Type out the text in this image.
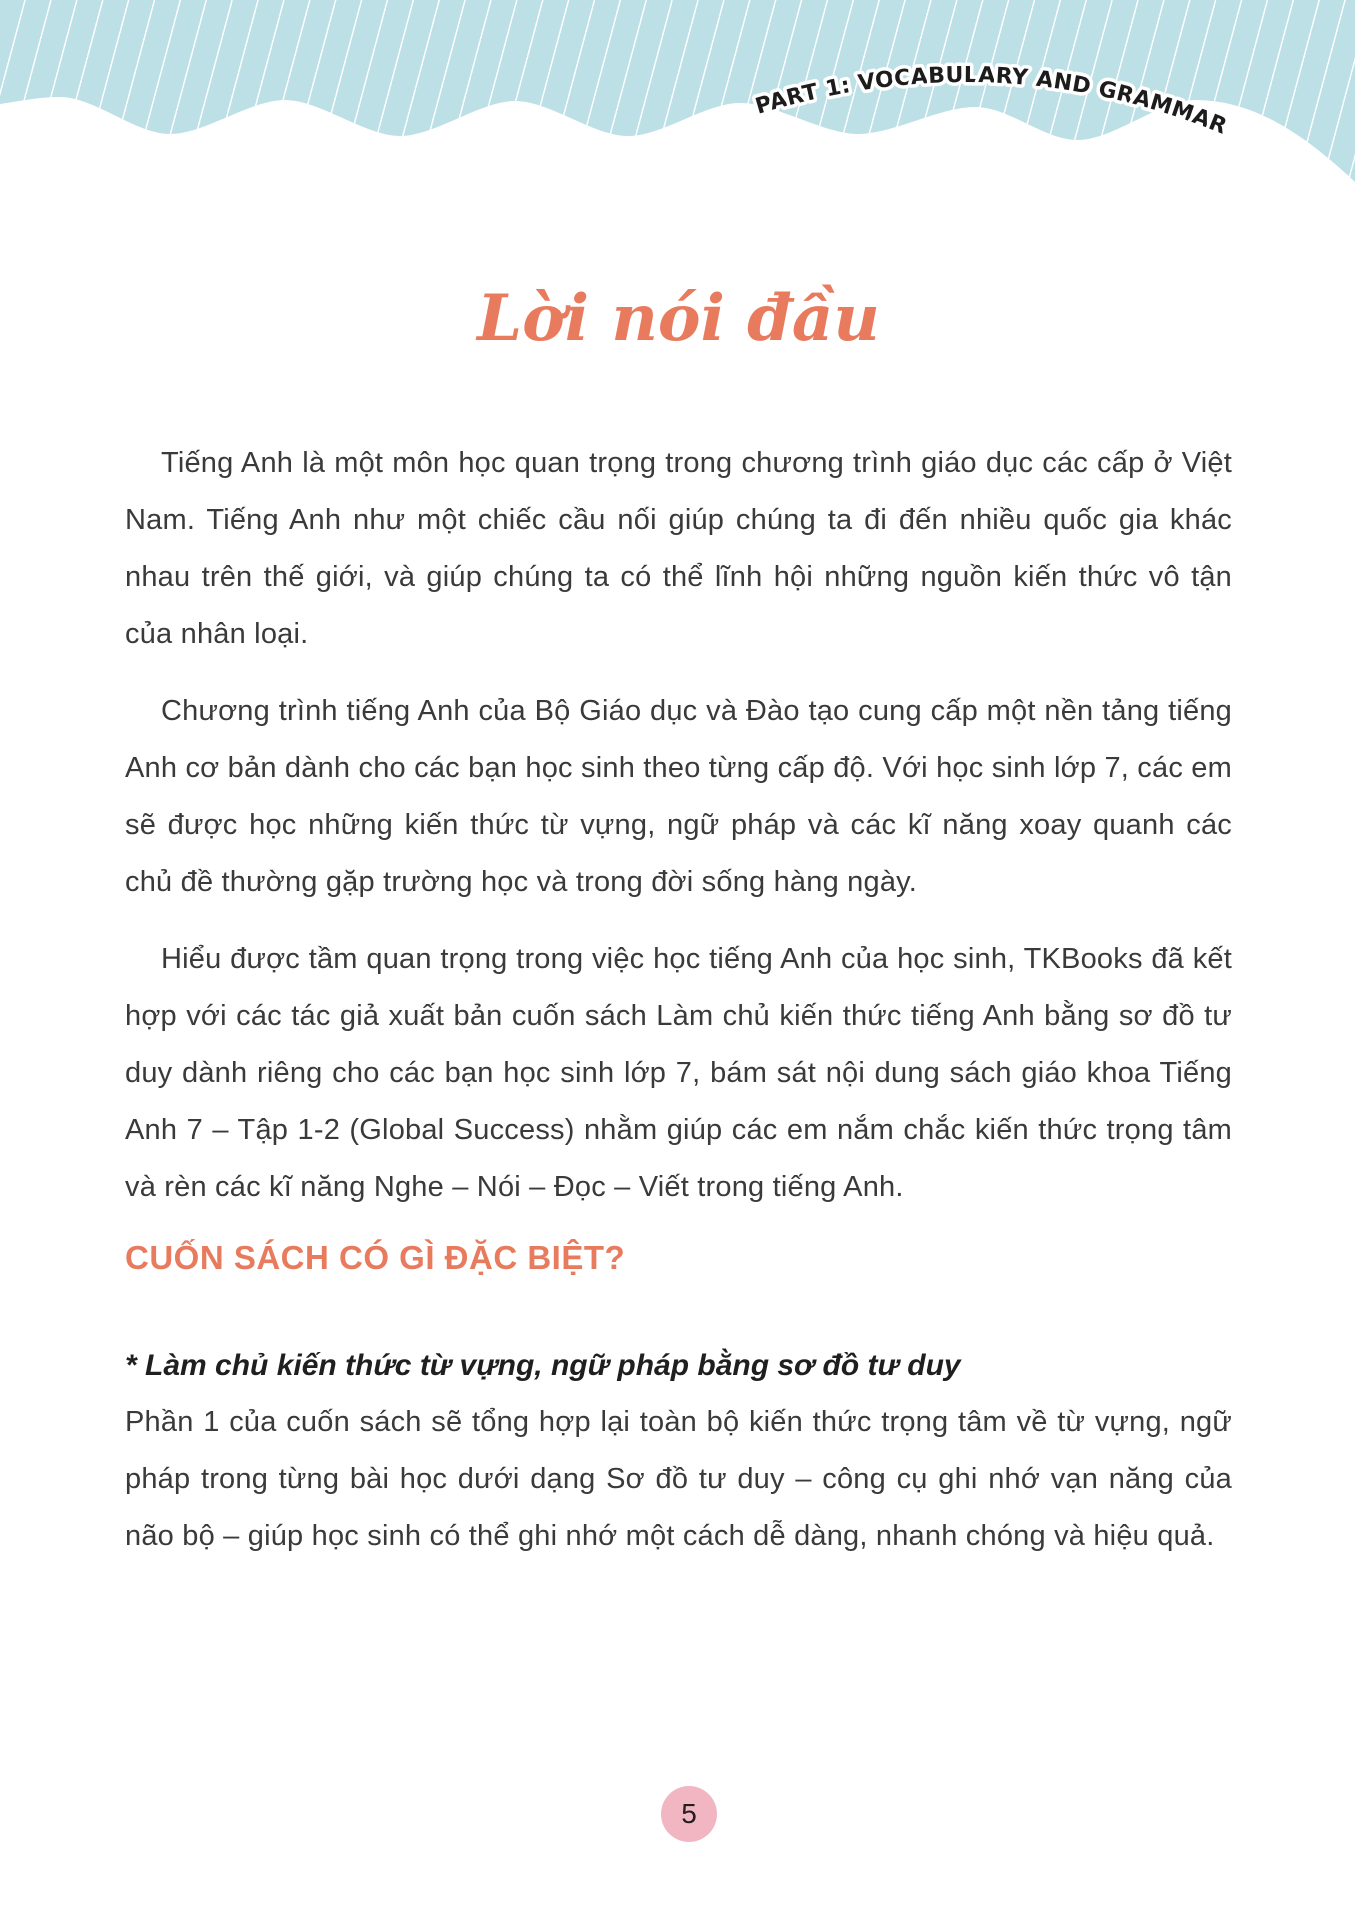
PART 1: VOCABULARY AND GRAMMAR
Lời nói đầu

Tiếng Anh là một môn học quan trọng trong chương trình giáo dục các cấp ở Việt Nam. Tiếng Anh như một chiếc cầu nối giúp chúng ta đi đến nhiều quốc gia khác nhau trên thế giới, và giúp chúng ta có thể lĩnh hội những nguồn kiến thức vô tận của nhân loại.

Chương trình tiếng Anh của Bộ Giáo dục và Đào tạo cung cấp một nền tảng tiếng Anh cơ bản dành cho các bạn học sinh theo từng cấp độ. Với học sinh lớp 7, các em sẽ được học những kiến thức từ vựng, ngữ pháp và các kĩ năng xoay quanh các chủ đề thường gặp trường học và trong đời sống hàng ngày.

Hiểu được tầm quan trọng trong việc học tiếng Anh của học sinh, TKBooks đã kết hợp với các tác giả xuất bản cuốn sách Làm chủ kiến thức tiếng Anh bằng sơ đồ tư duy dành riêng cho các bạn học sinh lớp 7, bám sát nội dung sách giáo khoa Tiếng Anh 7 – Tập 1-2 (Global Success) nhằm giúp các em nắm chắc kiến thức trọng tâm và rèn các kĩ năng Nghe – Nói – Đọc – Viết trong tiếng Anh.

CUỐN SÁCH CÓ GÌ ĐẶC BIỆT?

* Làm chủ kiến thức từ vựng, ngữ pháp bằng sơ đồ tư duy

Phần 1 của cuốn sách sẽ tổng hợp lại toàn bộ kiến thức trọng tâm về từ vựng, ngữ pháp trong từng bài học dưới dạng Sơ đồ tư duy – công cụ ghi nhớ vạn năng của não bộ – giúp học sinh có thể ghi nhớ một cách dễ dàng, nhanh chóng và hiệu quả.

5
